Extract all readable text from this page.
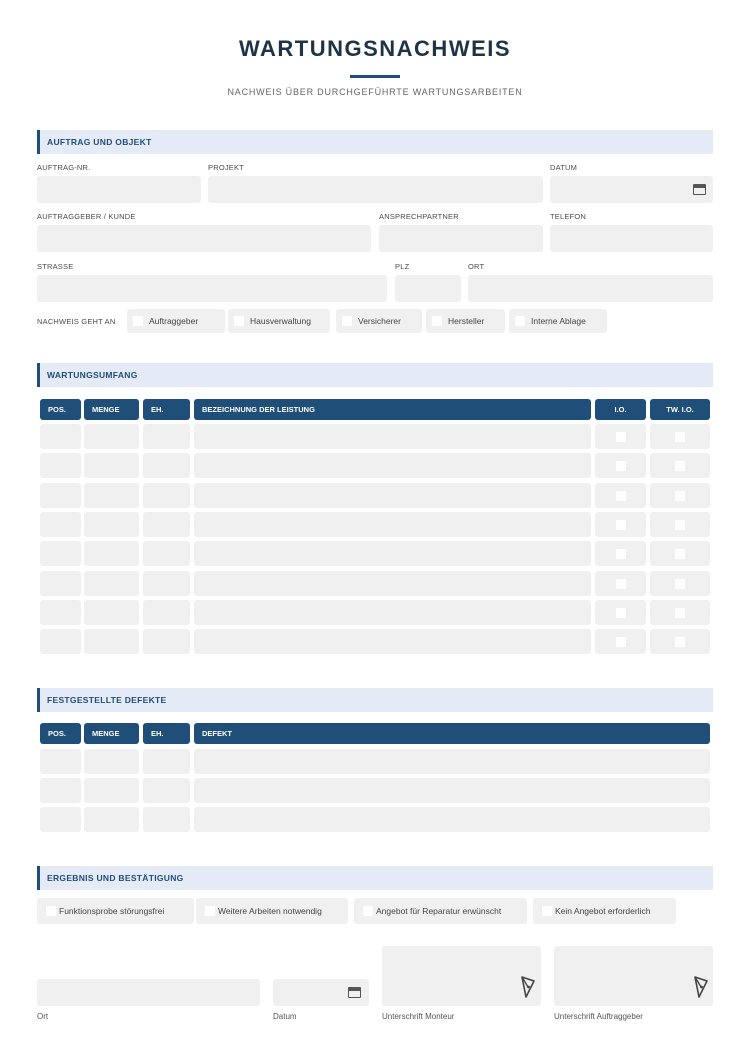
WARTUNGSNACHWEIS
NACHWEIS ÜBER DURCHGEFÜHRTE WARTUNGSARBEITEN
AUFTRAG UND OBJEKT
AUFTRAG-NR.	PROJEKT	DATUM
AUFTRAGGEBER / KUNDE	ANSPRECHPARTNER	TELEFON
STRASSE	PLZ	ORT
NACHWEIS GEHT AN	Auftraggeber	Hausverwaltung	Versicherer	Hersteller	Interne Ablage
WARTUNGSUMFANG
POS.	MENGE	EH.	BEZEICHNUNG DER LEISTUNG	I.O.	TW. I.O.
FESTGESTELLTE DEFEKTE
POS.	MENGE	EH.	DEFEKT
ERGEBNIS UND BESTÄTIGUNG
Funktionsprobe störungsfrei	Weitere Arbeiten notwendig	Angebot für Reparatur erwünscht	Kein Angebot erforderlich
Ort	Datum	Unterschrift Monteur	Unterschrift Auftraggeber
